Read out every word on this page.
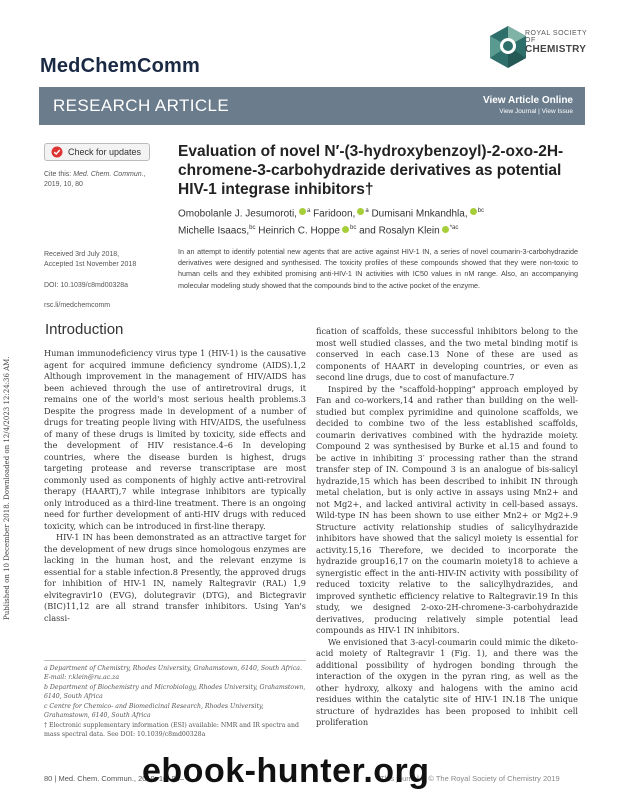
Published on 10 December 2018. Downloaded on 12/4/2023 12:24:36 AM.
MedChemComm
ROYAL SOCIETY
OF
CHEMISTRY
RESEARCH ARTICLE	View Article Online
View Journal | View Issue
Check for updates
Cite this: Med. Chem. Commun.,
2019, 10, 80
Received 3rd July 2018,
Accepted 1st November 2018
DOI: 10.1039/c8md00328a
rsc.li/medchemcomm
Evaluation of novel N′-(3-hydroxybenzoyl)-2-oxo-2H-chromene-3-carbohydrazide derivatives as potential HIV-1 integrase inhibitors†
Omobolanle J. Jesumoroti, $^a$ Faridoon, $^a$ Dumisani Mnkandhla, $^{bc}$
Michelle Isaacs,$^{bc}$ Heinrich C. Hoppe $^{bc}$ and Rosalyn Klein $^{*ac}$
In an attempt to identify potential new agents that are active against HIV-1 IN, a series of novel coumarin-3-carbohydrazide derivatives were designed and synthesised. The toxicity profiles of these compounds showed that they were non-toxic to human cells and they exhibited promising anti-HIV-1 IN activities with IC50 values in nM range. Also, an accompanying molecular modeling study showed that the compounds bind to the active pocket of the enzyme.
Introduction

Human immunodeficiency virus type 1 (HIV-1) is the causative agent for acquired immune deficiency syndrome (AIDS).1,2 Although improvement in the management of HIV/AIDS has been achieved through the use of antiretroviral drugs, it remains one of the world's most serious health problems.3 Despite the progress made in development of a number of drugs for treating people living with HIV/AIDS, the usefulness of many of these drugs is limited by toxicity, side effects and the development of HIV resistance.4–6 In developing countries, where the disease burden is highest, drugs targeting protease and reverse transcriptase are most commonly used as components of highly active anti-retroviral therapy (HAART),7 while integrase inhibitors are typically only introduced as a third-line treatment. There is an ongoing need for further development of anti-HIV drugs with reduced toxicity, which can be introduced in first-line therapy.

HIV-1 IN has been demonstrated as an attractive target for the development of new drugs since homologous enzymes are lacking in the human host, and the relevant enzyme is essential for a stable infection.8 Presently, the approved drugs for inhibition of HIV-1 IN, namely Raltegravir (RAL) 1,9 elvitegravir10 (EVG), dolutegravir (DTG), and Bictegravir (BIC)11,12 are all strand transfer inhibitors. Using Yan's classi-

fication of scaffolds, these successful inhibitors belong to the most well studied classes, and the two metal binding motif is conserved in each case.13 None of these are used as components of HAART in developing countries, or even as second line drugs, due to cost of manufacture.7

Inspired by the "scaffold-hopping" approach employed by Fan and co-workers,14 and rather than building on the well-studied but complex pyrimidine and quinolone scaffolds, we decided to combine two of the less established scaffolds, coumarin derivatives combined with the hydrazide moiety. Compound 2 was synthesised by Burke et al.15 and found to be active in inhibiting 3′ processing rather than the strand transfer step of IN. Compound 3 is an analogue of bis-salicyl hydrazide,15 which has been described to inhibit IN through metal chelation, but is only active in assays using Mn2+ and not Mg2+, and lacked antiviral activity in cell-based assays. Wild-type IN has been shown to use either Mn2+ or Mg2+.9 Structure activity relationship studies of salicylhydrazide inhibitors have showed that the salicyl moiety is essential for activity.15,16 Therefore, we decided to incorporate the hydrazide group16,17 on the coumarin moiety18 to achieve a synergistic effect in the anti-HIV-IN activity with possibility of reduced toxicity relative to the salicylhydrazides, and improved synthetic efficiency relative to Raltegravir.19 In this study, we designed 2-oxo-2H-chromene-3-carbohydrazide derivatives, producing relatively simple potential lead compounds as HIV-1 IN inhibitors.

We envisioned that 3-acyl-coumarin could mimic the diketo-acid moiety of Raltegravir 1 (Fig. 1), and there was the additional possibility of hydrogen bonding through the interaction of the oxygen in the pyran ring, as well as the other hydroxy, alkoxy and halogens with the amino acid residues within the catalytic site of HIV-1 IN.18 The unique structure of hydrazides has been proposed to inhibit cell proliferation

a Department of Chemistry, Rhodes University, Grahamstown, 6140, South Africa. E-mail: r.klein@ru.ac.za
b Department of Biochemistry and Microbiology, Rhodes University, Grahamstown, 6140, South Africa
c Centre for Chemico- and Biomedicinal Research, Rhodes University, Grahamstown, 6140, South Africa
† Electronic supplementary information (ESI) available: NMR and IR spectra and mass spectral data. See DOI: 10.1039/c8md00328a
80 | Med. Chem. Commun., 2019, 10, 80–	This journal is © The Royal Society of Chemistry 2019
ebook-hunter.org
